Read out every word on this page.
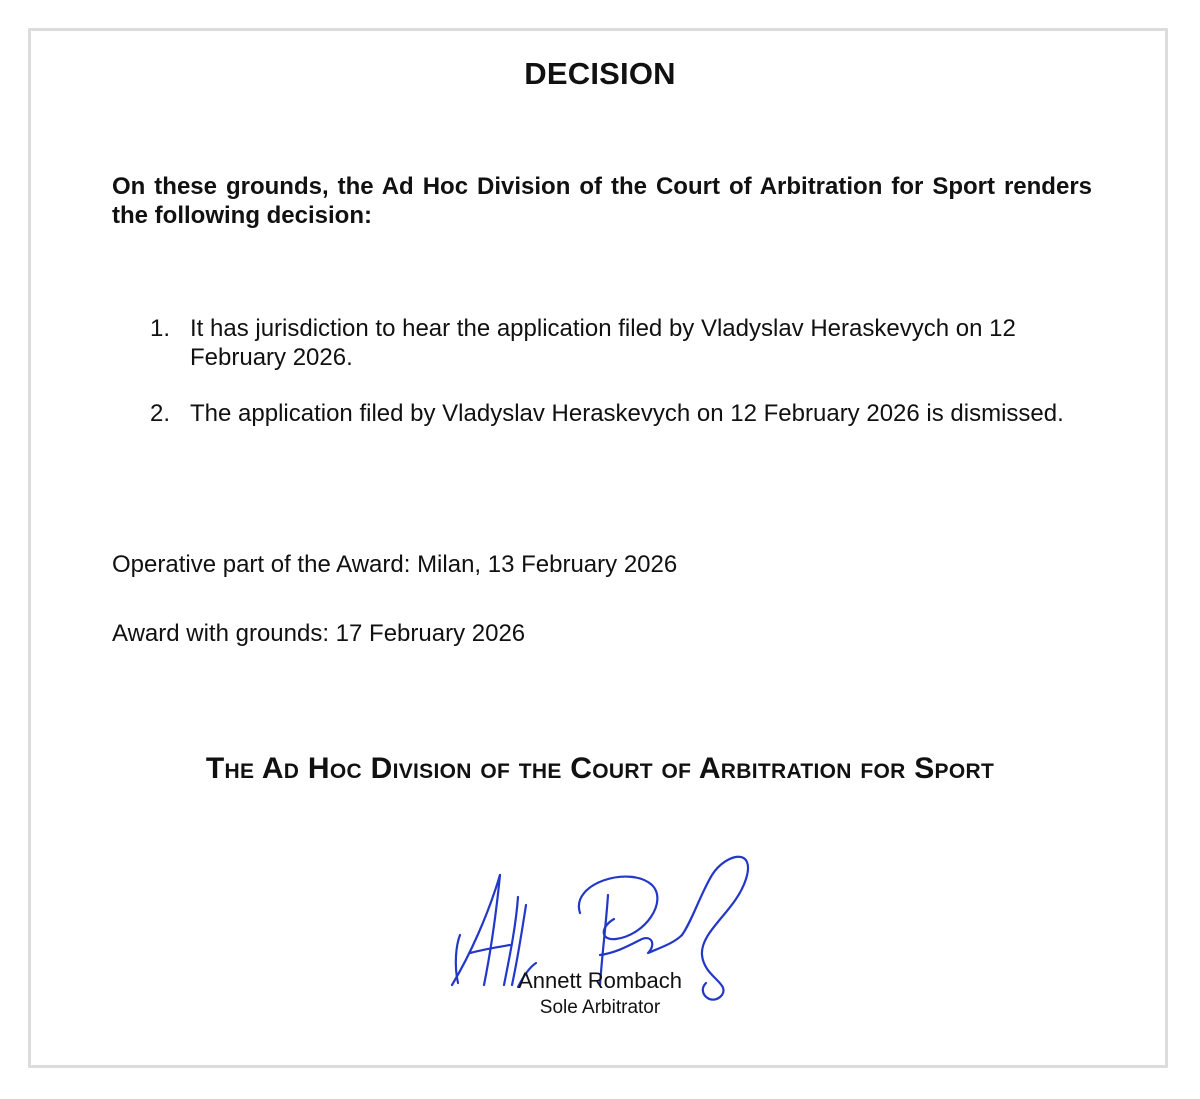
DECISION
On these grounds, the Ad Hoc Division of the Court of Arbitration for Sport renders the following decision:
1. It has jurisdiction to hear the application filed by Vladyslav Heraskevych on 12 February 2026.
2. The application filed by Vladyslav Heraskevych on 12 February 2026 is dismissed.
Operative part of the Award: Milan, 13 February 2026
Award with grounds: 17 February 2026
The Ad Hoc Division of the Court of Arbitration for Sport
Annett Rombach
Sole Arbitrator
